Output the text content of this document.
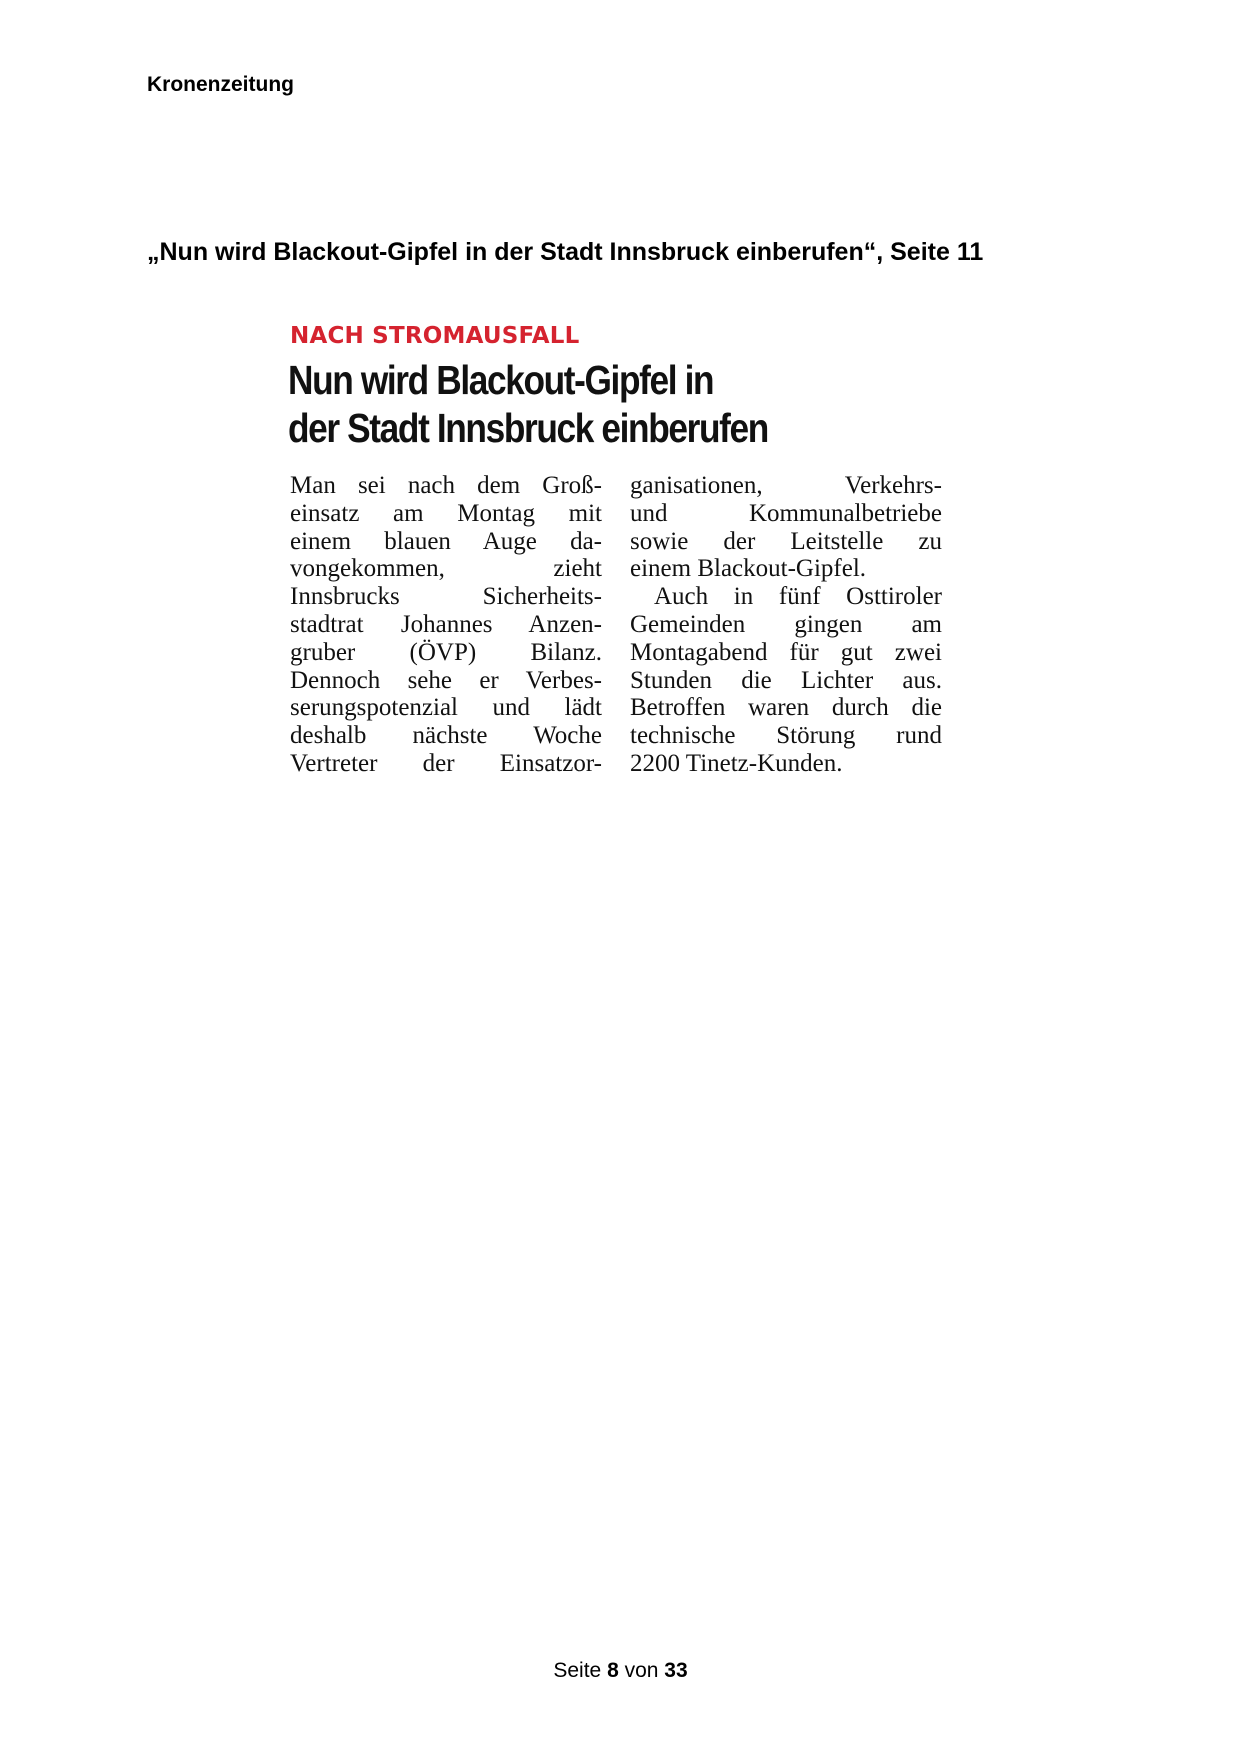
Kronenzeitung
„Nun wird Blackout-Gipfel in der Stadt Innsbruck einberufen“, Seite 11
NACH STROMAUSFALL
Nun wird Blackout-Gipfel in
der Stadt Innsbruck einberufen
Man sei nach dem Groß-
einsatz am Montag mit
einem blauen Auge da-
vongekommen, zieht
Innsbrucks Sicherheits-
stadtrat Johannes Anzen-
gruber (ÖVP) Bilanz.
Dennoch sehe er Verbes-
serungspotenzial und lädt
deshalb nächste Woche
Vertreter der Einsatzor-
ganisationen, Verkehrs-
und Kommunalbetriebe
sowie der Leitstelle zu
einem Blackout-Gipfel.
Auch in fünf Osttiroler
Gemeinden gingen am
Montagabend für gut zwei
Stunden die Lichter aus.
Betroffen waren durch die
technische Störung rund
2200 Tinetz-Kunden.
Seite 8 von 33
